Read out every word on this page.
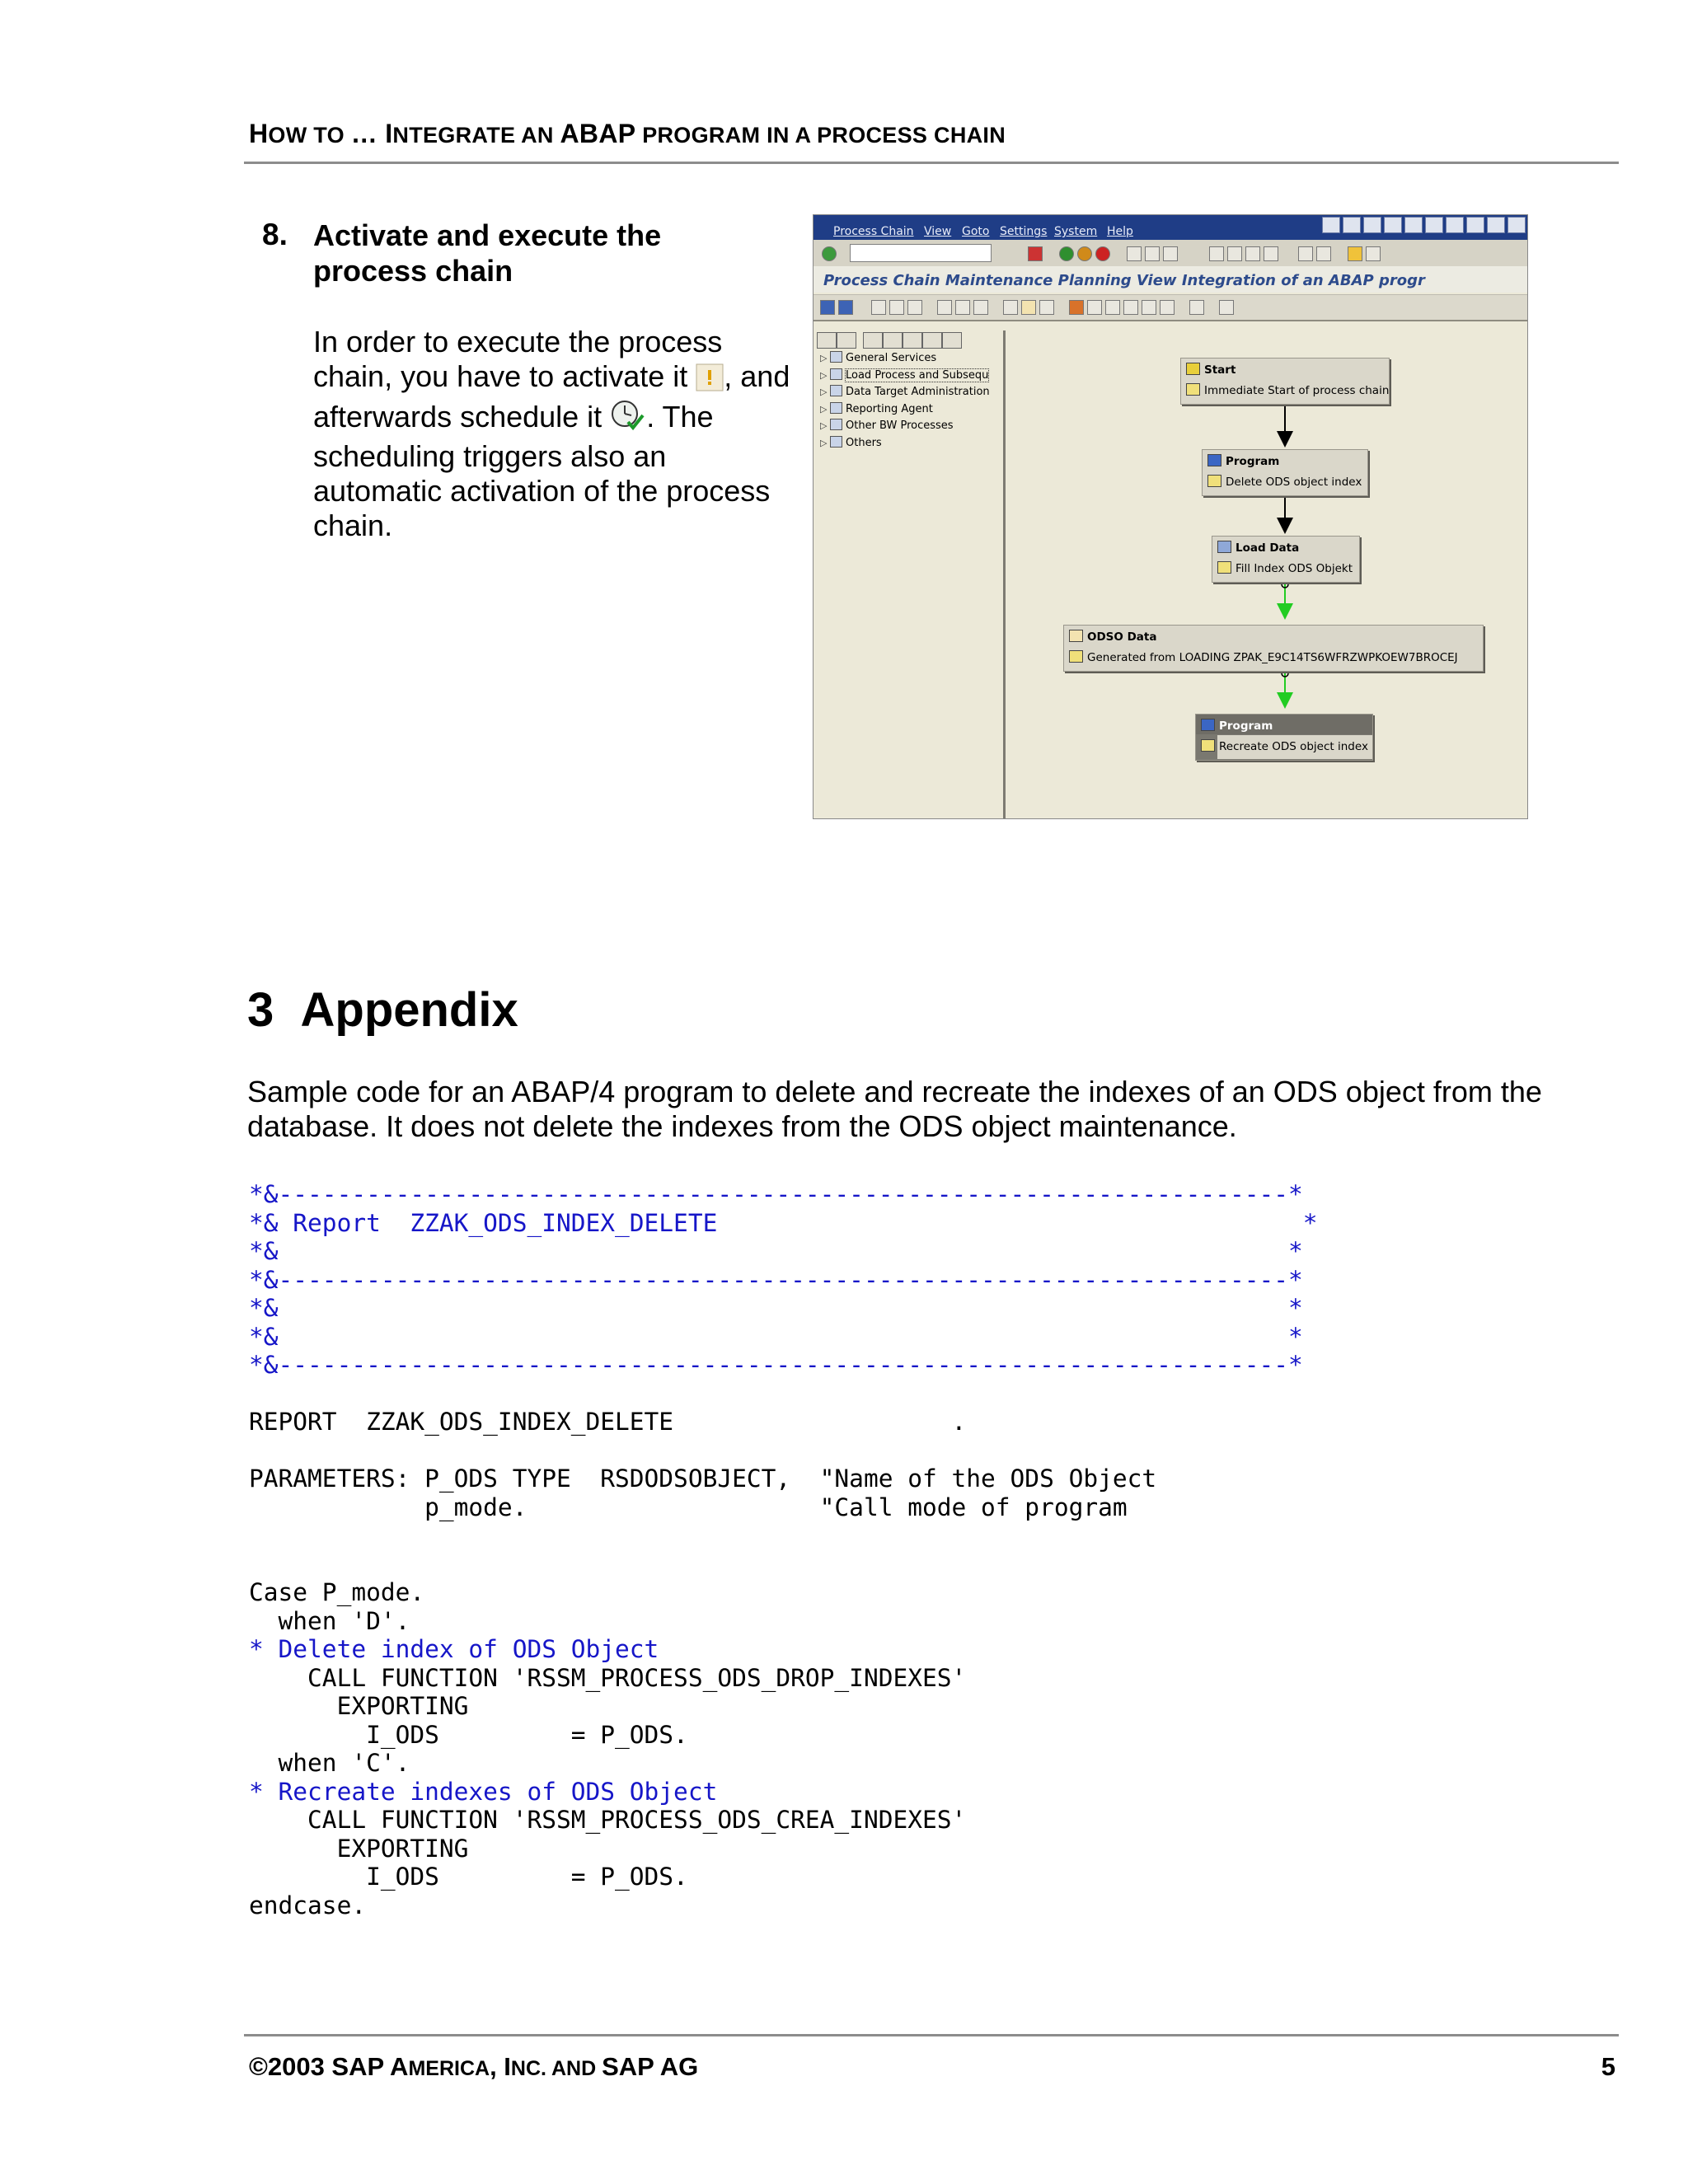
HOW TO … INTEGRATE AN ABAP PROGRAM IN A PROCESS CHAIN
8. Activate and execute the process chain
In order to execute the process chain, you have to activate it , and afterwards schedule it . The scheduling triggers also an automatic activation of the process chain.
Process Chain View Goto Settings System Help
Process Chain Maintenance Planning View Integration of an ABAP progr
▷ General Services
▷ Load Process and Subsequ
▷ Data Target Administration
▷ Reporting Agent
▷ Other BW Processes
▷ Others
Start
Immediate Start of process chain
Program
Delete ODS object index
Load Data
Fill Index ODS Objekt
ODSO Data
Generated from LOADING ZPAK_E9C14TS6WFRZWPKOEW7BROCEJ
Program
Recreate ODS object index
3 Appendix
Sample code for an ABAP/4 program to delete and recreate the indexes of an ODS object from the database. It does not delete the indexes from the ODS object maintenance.
*&---------------------------------------------------------------------*
*& Report  ZZAK_ODS_INDEX_DELETE                                        *
*&                                                                     *
*&---------------------------------------------------------------------*
*&                                                                     *
*&                                                                     *
*&---------------------------------------------------------------------*
REPORT  ZZAK_ODS_INDEX_DELETE                   .
PARAMETERS: P_ODS TYPE  RSDODSOBJECT,  "Name of the ODS Object
p_mode.                    "Call mode of program
Case P_mode.
when 'D'.
* Delete index of ODS Object
CALL FUNCTION 'RSSM_PROCESS_ODS_DROP_INDEXES'
EXPORTING
I_ODS         = P_ODS.
when 'C'.
* Recreate indexes of ODS Object
CALL FUNCTION 'RSSM_PROCESS_ODS_CREA_INDEXES'
EXPORTING
I_ODS         = P_ODS.
endcase.
©2003 SAP AMERICA, INC. AND SAP AG	5
